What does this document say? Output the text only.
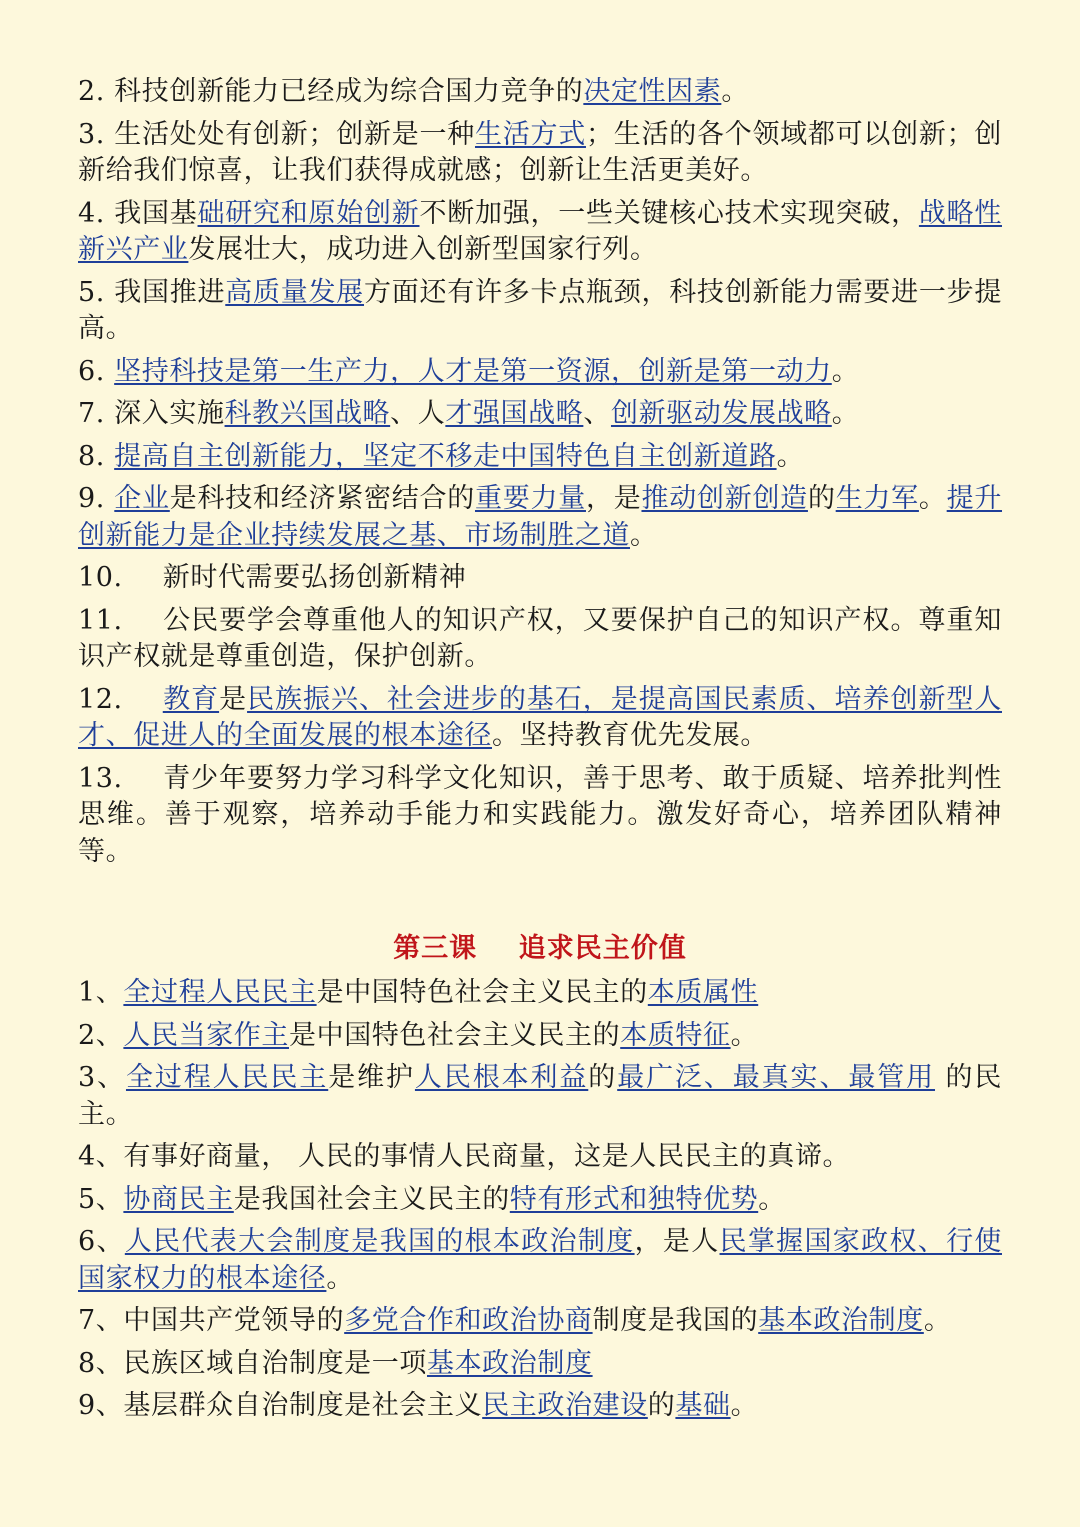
2. 科技创新能力已经成为综合国力竞争的决定性因素。

3. 生活处处有创新；创新是一种生活方式；生活的各个领域都可以创新；创新给我们惊喜，让我们获得成就感；创新让生活更美好。

4. 我国基础研究和原始创新不断加强，一些关键核心技术实现突破，战略性新兴产业发展壮大，成功进入创新型国家行列。

5. 我国推进高质量发展方面还有许多卡点瓶颈，科技创新能力需要进一步提高。

6. 坚持科技是第一生产力，人才是第一资源，创新是第一动力。

7. 深入实施科教兴国战略、人才强国战略、创新驱动发展战略。

8. 提高自主创新能力，坚定不移走中国特色自主创新道路。

9. 企业是科技和经济紧密结合的重要力量，是推动创新创造的生力军。提升创新能力是企业持续发展之基、市场制胜之道。

10. 新时代需要弘扬创新精神

11. 公民要学会尊重他人的知识产权，又要保护自己的知识产权。尊重知识产权就是尊重创造，保护创新。

12. 教育是民族振兴、社会进步的基石，是提高国民素质、培养创新型人才、促进人的全面发展的根本途径。坚持教育优先发展。

13. 青少年要努力学习科学文化知识，善于思考、敢于质疑、培养批判性思维。善于观察，培养动手能力和实践能力。激发好奇心，培养团队精神等。

第三课    追求民主价值

1、全过程人民民主是中国特色社会主义民主的本质属性

2、人民当家作主是中国特色社会主义民主的本质特征。

3、全过程人民民主是维护人民根本利益的最广泛、最真实、最管用 的民主。

4、有事好商量， 人民的事情人民商量，这是人民民主的真谛。

5、协商民主是我国社会主义民主的特有形式和独特优势。

6、人民代表大会制度是我国的根本政治制度，是人民掌握国家政权、行使国家权力的根本途径。

7、中国共产党领导的多党合作和政治协商制度是我国的基本政治制度。

8、民族区域自治制度是一项基本政治制度

9、基层群众自治制度是社会主义民主政治建设的基础。
